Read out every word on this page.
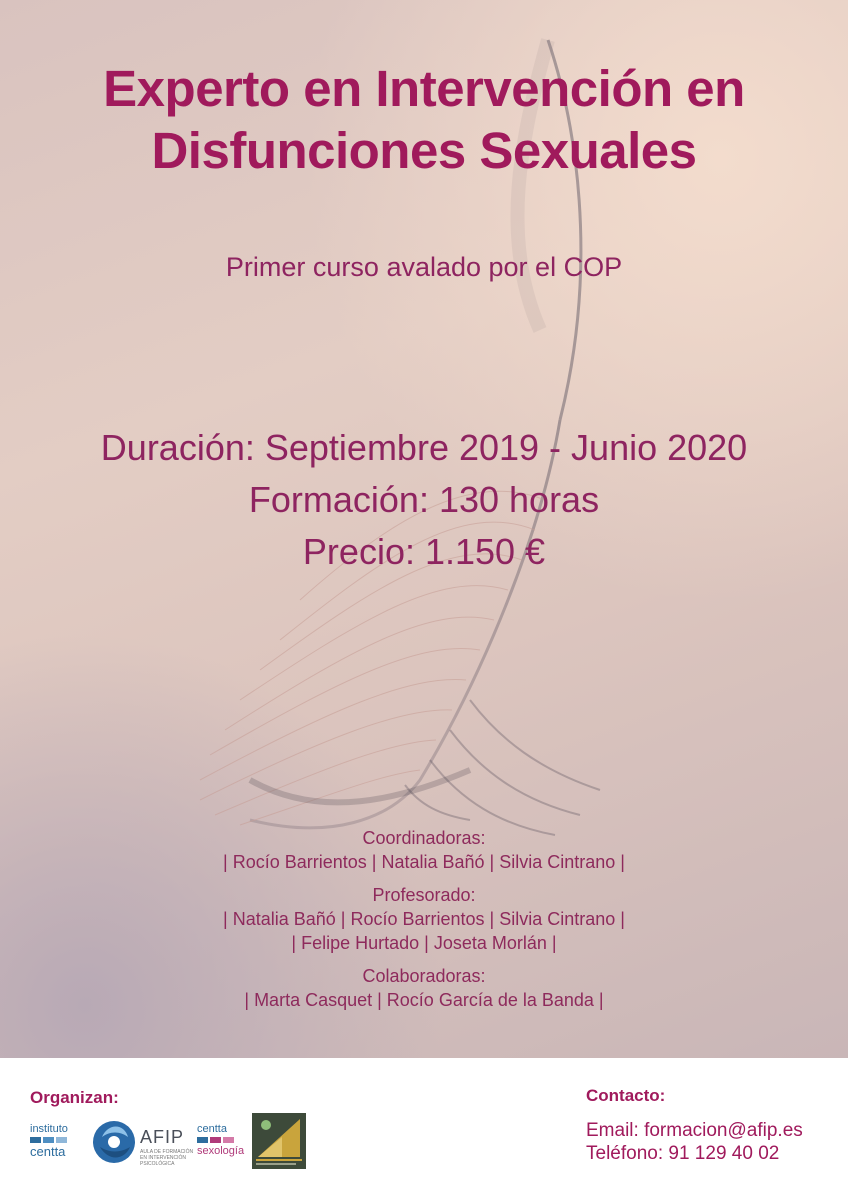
Experto en Intervención en
Disfunciones Sexuales
Primer curso avalado por el COP
Duración: Septiembre 2019 - Junio 2020
Formación: 130 horas
Precio: 1.150 €
Coordinadoras:
| Rocío Barrientos | Natalia Bañó | Silvia Cintrano |
Profesorado:
| Natalia Bañó | Rocío Barrientos | Silvia Cintrano |
| Felipe Hurtado | Joseta Morlán |
Colaboradoras:
| Marta Casquet | Rocío García de la Banda |
Organizan:
instituto
centta
AFIP
AULA DE FORMACIÓN EN INTERVENCIÓN PSICOLÓGICA
centta
sexología
Contacto:
Email: formacion@afip.es
Teléfono: 91 129 40 02
